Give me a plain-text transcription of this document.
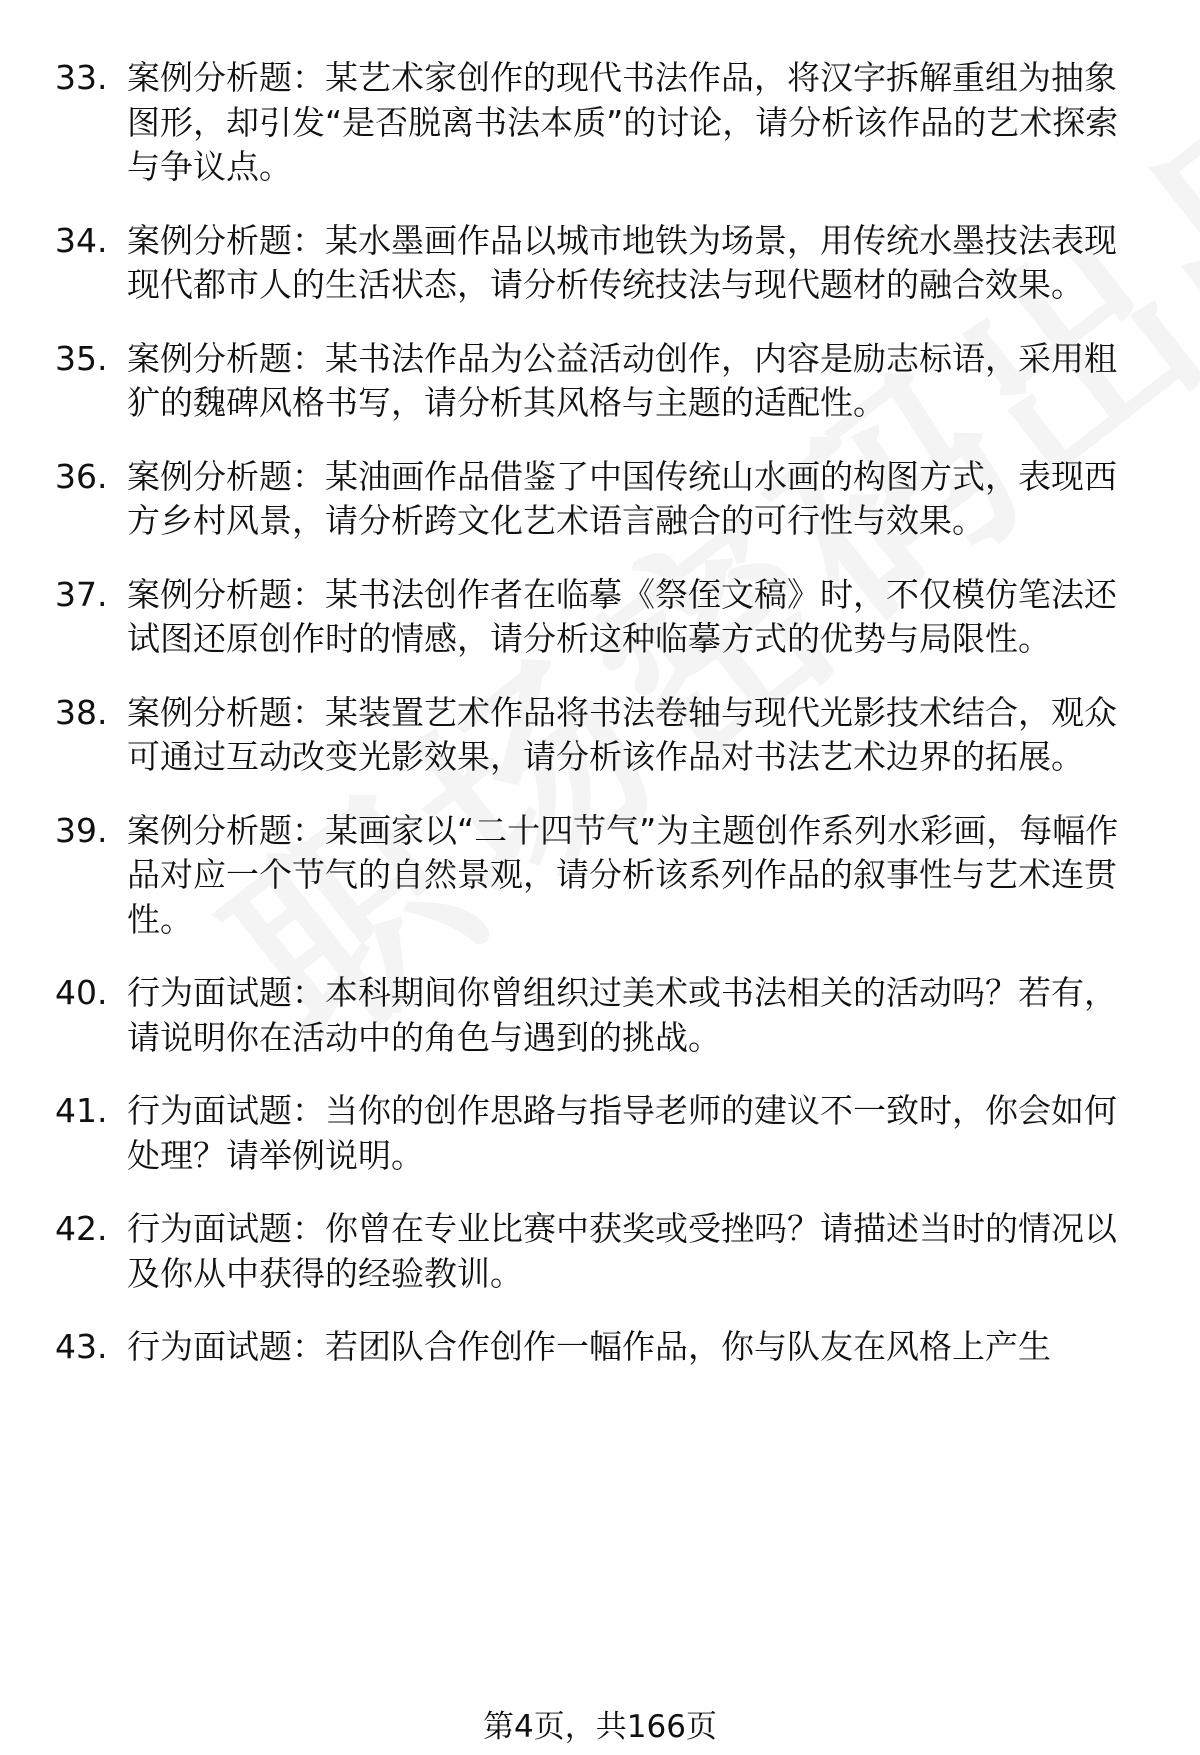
33. 案例分析题：某艺术家创作的现代书法作品，将汉字拆解重组为抽象图形，却引发“是否脱离书法本质”的讨论，请分析该作品的艺术探索与争议点。
34. 案例分析题：某水墨画作品以城市地铁为场景，用传统水墨技法表现现代都市人的生活状态，请分析传统技法与现代题材的融合效果。
35. 案例分析题：某书法作品为公益活动创作，内容是励志标语，采用粗犷的魏碑风格书写，请分析其风格与主题的适配性。
36. 案例分析题：某油画作品借鉴了中国传统山水画的构图方式，表现西方乡村风景，请分析跨文化艺术语言融合的可行性与效果。
37. 案例分析题：某书法创作者在临摹《祭侄文稿》时，不仅模仿笔法还试图还原创作时的情感，请分析这种临摹方式的优势与局限性。
38. 案例分析题：某装置艺术作品将书法卷轴与现代光影技术结合，观众可通过互动改变光影效果，请分析该作品对书法艺术边界的拓展。
39. 案例分析题：某画家以“二十四节气”为主题创作系列水彩画，每幅作品对应一个节气的自然景观，请分析该系列作品的叙事性与艺术连贯性。
40. 行为面试题：本科期间你曾组织过美术或书法相关的活动吗？若有，请说明你在活动中的角色与遇到的挑战。
41. 行为面试题：当你的创作思路与指导老师的建议不一致时，你会如何处理？请举例说明。
42. 行为面试题：你曾在专业比赛中获奖或受挫吗？请描述当时的情况以及你从中获得的经验教训。
43. 行为面试题：若团队合作创作一幅作品，你与队友在风格上产生
第4页，共166页
